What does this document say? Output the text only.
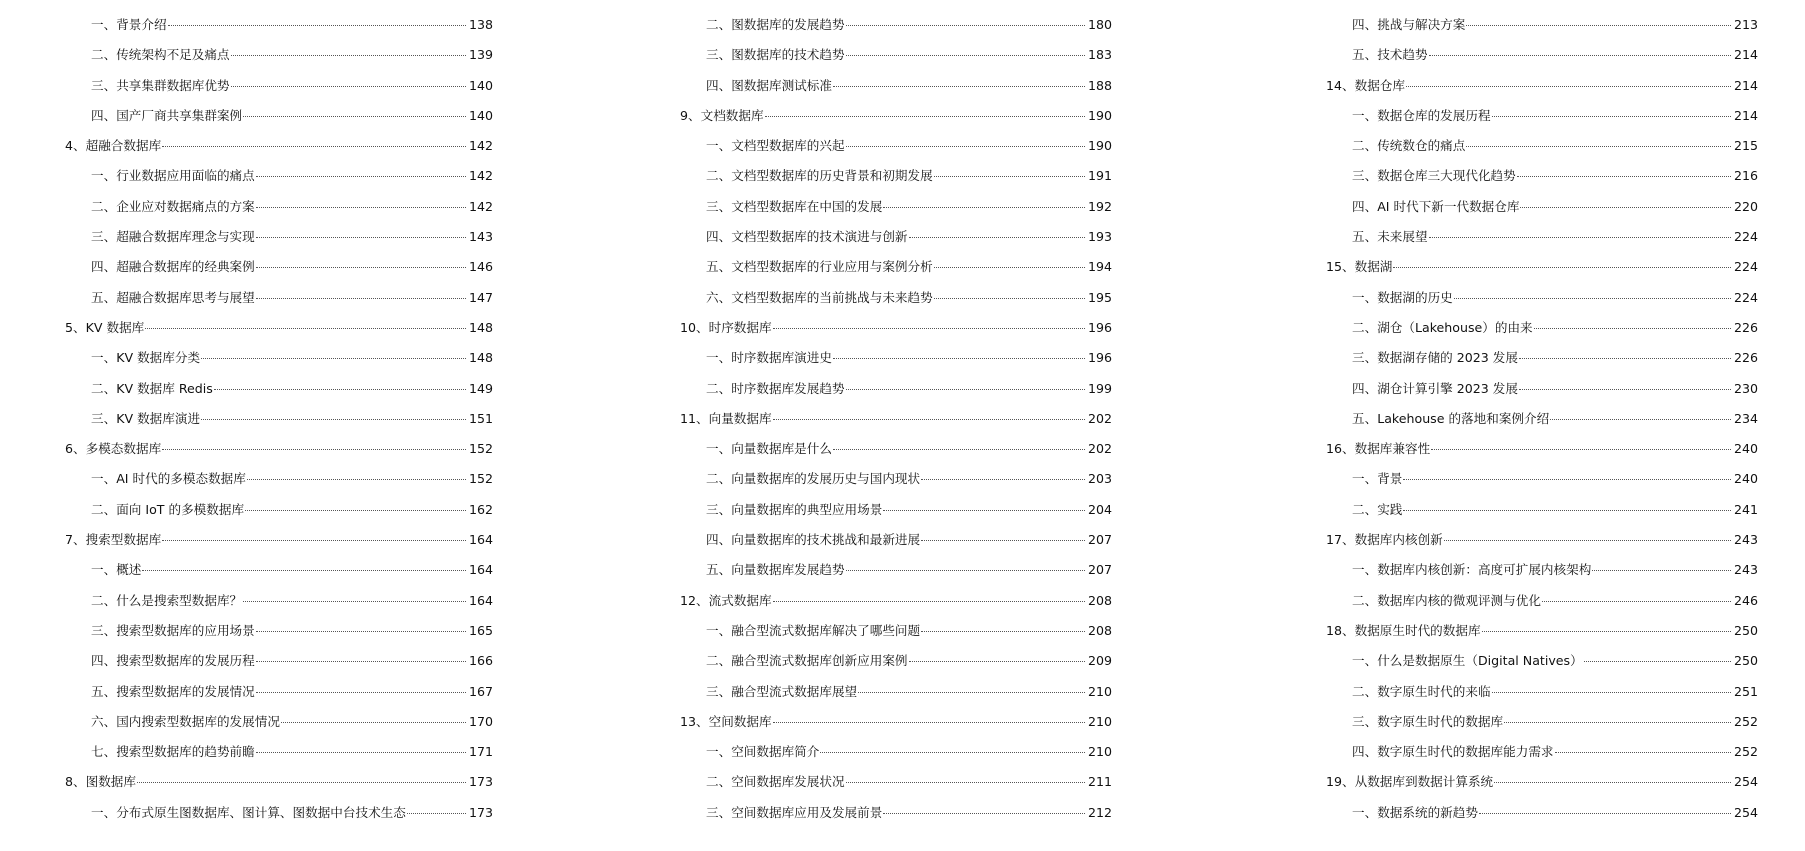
一、背景介绍	138
二、传统架构不足及痛点	139
三、共享集群数据库优势	140
四、国产厂商共享集群案例	140
4、超融合数据库	142
一、行业数据应用面临的痛点	142
二、企业应对数据痛点的方案	142
三、超融合数据库理念与实现	143
四、超融合数据库的经典案例	146
五、超融合数据库思考与展望	147
5、KV 数据库	148
一、KV 数据库分类	148
二、KV 数据库 Redis	149
三、KV 数据库演进	151
6、多模态数据库	152
一、AI 时代的多模态数据库	152
二、面向 IoT 的多模数据库	162
7、搜索型数据库	164
一、概述	164
二、什么是搜索型数据库？	164
三、搜索型数据库的应用场景	165
四、搜索型数据库的发展历程	166
五、搜索型数据库的发展情况	167
六、国内搜索型数据库的发展情况	170
七、搜索型数据库的趋势前瞻	171
8、图数据库	173
一、分布式原生图数据库、图计算、图数据中台技术生态	173
二、图数据库的发展趋势	180
三、图数据库的技术趋势	183
四、图数据库测试标准	188
9、文档数据库	190
一、文档型数据库的兴起	190
二、文档型数据库的历史背景和初期发展	191
三、文档型数据库在中国的发展	192
四、文档型数据库的技术演进与创新	193
五、文档型数据库的行业应用与案例分析	194
六、文档型数据库的当前挑战与未来趋势	195
10、时序数据库	196
一、时序数据库演进史	196
二、时序数据库发展趋势	199
11、向量数据库	202
一、向量数据库是什么	202
二、向量数据库的发展历史与国内现状	203
三、向量数据库的典型应用场景	204
四、向量数据库的技术挑战和最新进展	207
五、向量数据库发展趋势	207
12、流式数据库	208
一、融合型流式数据库解决了哪些问题	208
二、融合型流式数据库创新应用案例	209
三、融合型流式数据库展望	210
13、空间数据库	210
一、空间数据库简介	210
二、空间数据库发展状况	211
三、空间数据库应用及发展前景	212
四、挑战与解决方案	213
五、技术趋势	214
14、数据仓库	214
一、数据仓库的发展历程	214
二、传统数仓的痛点	215
三、数据仓库三大现代化趋势	216
四、AI 时代下新一代数据仓库	220
五、未来展望	224
15、数据湖	224
一、数据湖的历史	224
二、湖仓（Lakehouse）的由来	226
三、数据湖存储的 2023 发展	226
四、湖仓计算引擎 2023 发展	230
五、Lakehouse 的落地和案例介绍	234
16、数据库兼容性	240
一、背景	240
二、实践	241
17、数据库内核创新	243
一、数据库内核创新：高度可扩展内核架构	243
二、数据库内核的微观评测与优化	246
18、数据原生时代的数据库	250
一、什么是数据原生（Digital Natives）	250
二、数字原生时代的来临	251
三、数字原生时代的数据库	252
四、数字原生时代的数据库能力需求	252
19、从数据库到数据计算系统	254
一、数据系统的新趋势	254
